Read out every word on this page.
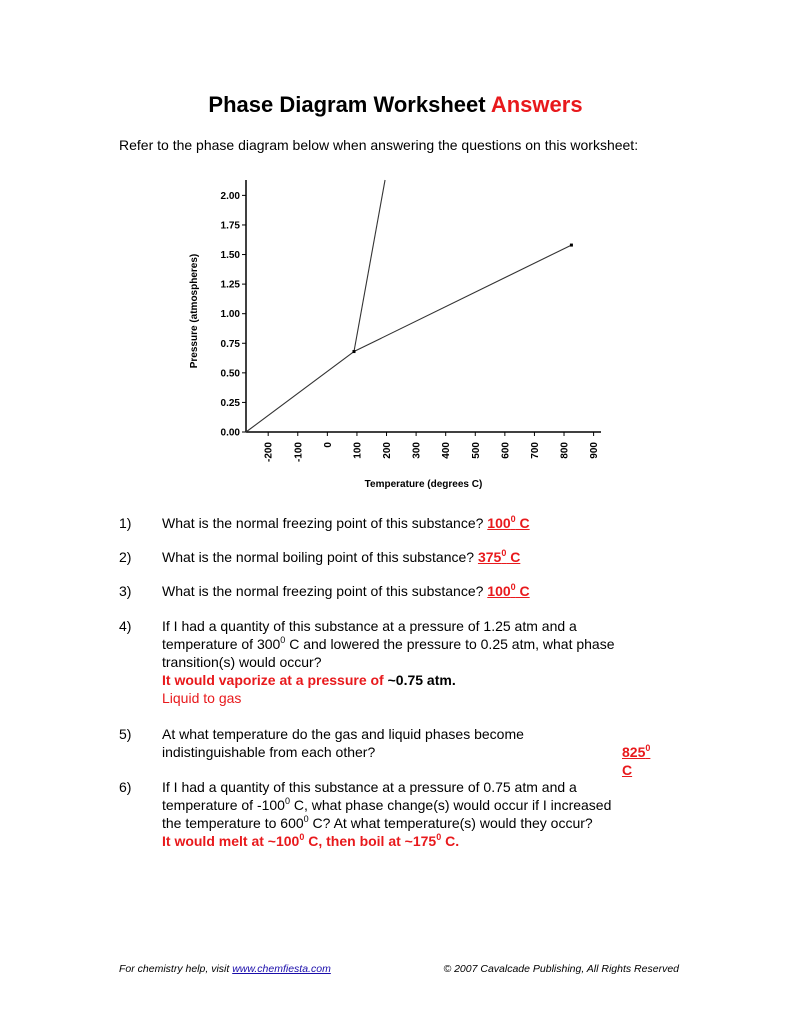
Phase Diagram Worksheet Answers
Refer to the phase diagram below when answering the questions on this worksheet:
0.00
0.25
0.50
0.75
1.00
1.25
1.50
1.75
2.00
-200 -100 0 100 200 300 400 500 600 700 800 900
Temperature (degrees C)
Pressure (atmospheres)
1)	What is the normal freezing point of this substance? $100^0$ C
2)	What is the normal boiling point of this substance? $375^0$ C
3)	What is the normal freezing point of this substance? $100^0$ C
4)	If I had a quantity of this substance at a pressure of 1.25 atm and a
temperature of $300^0$ C and lowered the pressure to 0.25 atm, what phase
transition(s) would occur?
It would vaporize at a pressure of ~0.75 atm.
Liquid to gas
5)	At what temperature do the gas and liquid phases become
indistinguishable from each other?	$825^0$ C
6)	If I had a quantity of this substance at a pressure of 0.75 atm and a
temperature of $-100^0$ C, what phase change(s) would occur if I increased
the temperature to $600^0$ C? At what temperature(s) would they occur?
It would melt at $\sim 100^0$ C, then boil at $\sim 175^0$ C.
For chemistry help, visit www.chemfiesta.com	© 2007 Cavalcade Publishing, All Rights Reserved
